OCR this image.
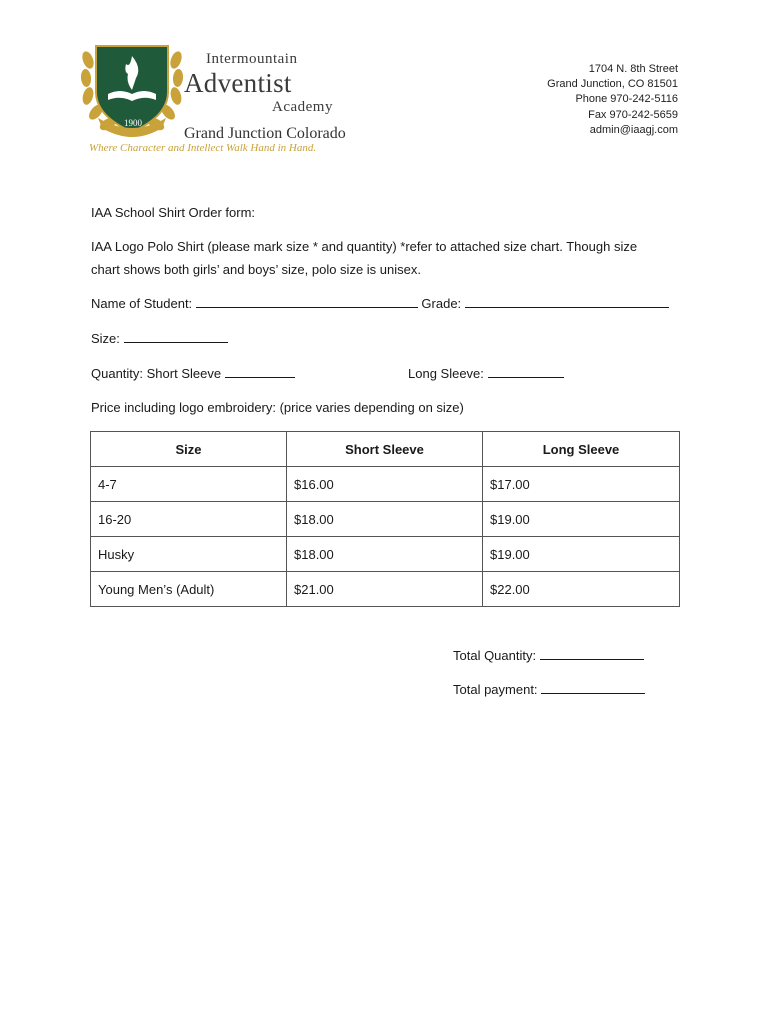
1900
Intermountain
Adventist
Academy
Grand Junction Colorado
Where Character and Intellect Walk Hand in Hand.
1704 N. 8th Street
Grand Junction, CO 81501
Phone 970-242-5116
Fax 970-242-5659
admin@iaagj.com
IAA School Shirt Order form:
IAA Logo Polo Shirt (please mark size * and quantity) *refer to attached size chart. Though size
chart shows both girls’ and boys’ size, polo size is unisex.
Name of Student:	Grade:
Size:
Quantity: Short Sleeve	Long Sleeve:
Price including logo embroidery: (price varies depending on size)
Size	Short Sleeve	Long Sleeve
4-7	$16.00	$17.00
16-20	$18.00	$19.00
Husky	$18.00	$19.00
Young Men’s (Adult)	$21.00	$22.00
Total Quantity:
Total payment:
